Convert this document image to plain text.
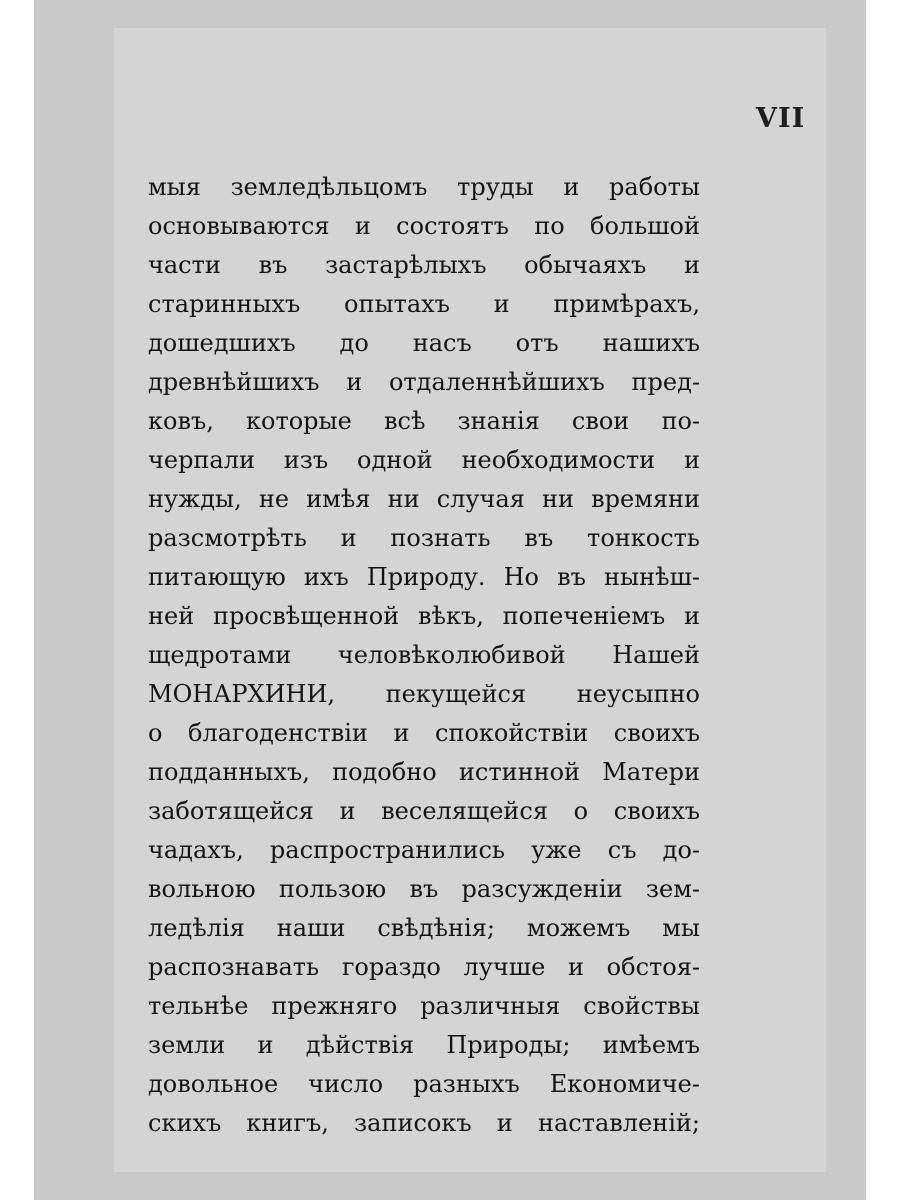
VII
мыя земледѣльцомъ труды и работы
основываются и состоятъ по большой
части въ застарѣлыхъ обычаяхъ и
старинныхъ опытахъ и примѣрахъ,
дошедшихъ до насъ отъ нашихъ
древнѣйшихъ и отдаленнѣйшихъ пред-
ковъ, которые всѣ знанія свои по-
черпали изъ одной необходимости и
нужды, не имѣя ни случая ни времяни
разсмотрѣть и познать въ тонкость
питающую ихъ Природу. Но въ нынѣш-
ней просвѣщенной вѣкъ, попеченіемъ и
щедротами человѣколюбивой Нашей
МОНАРХИНИ, пекущейся неусыпно
о благоденствіи и спокойствіи своихъ
подданныхъ, подобно истинной Матери
заботящейся и веселящейся о своихъ
чадахъ, распространились уже съ до-
вольною пользою въ разсужденіи зем-
ледѣлія наши свѣдѣнія; можемъ мы
распознавать гораздо лучше и обстоя-
тельнѣе прежняго различныя свойствы
земли и дѣйствія Природы; имѣемъ
довольное число разныхъ Економиче-
скихъ книгъ, записокъ и наставленій;
